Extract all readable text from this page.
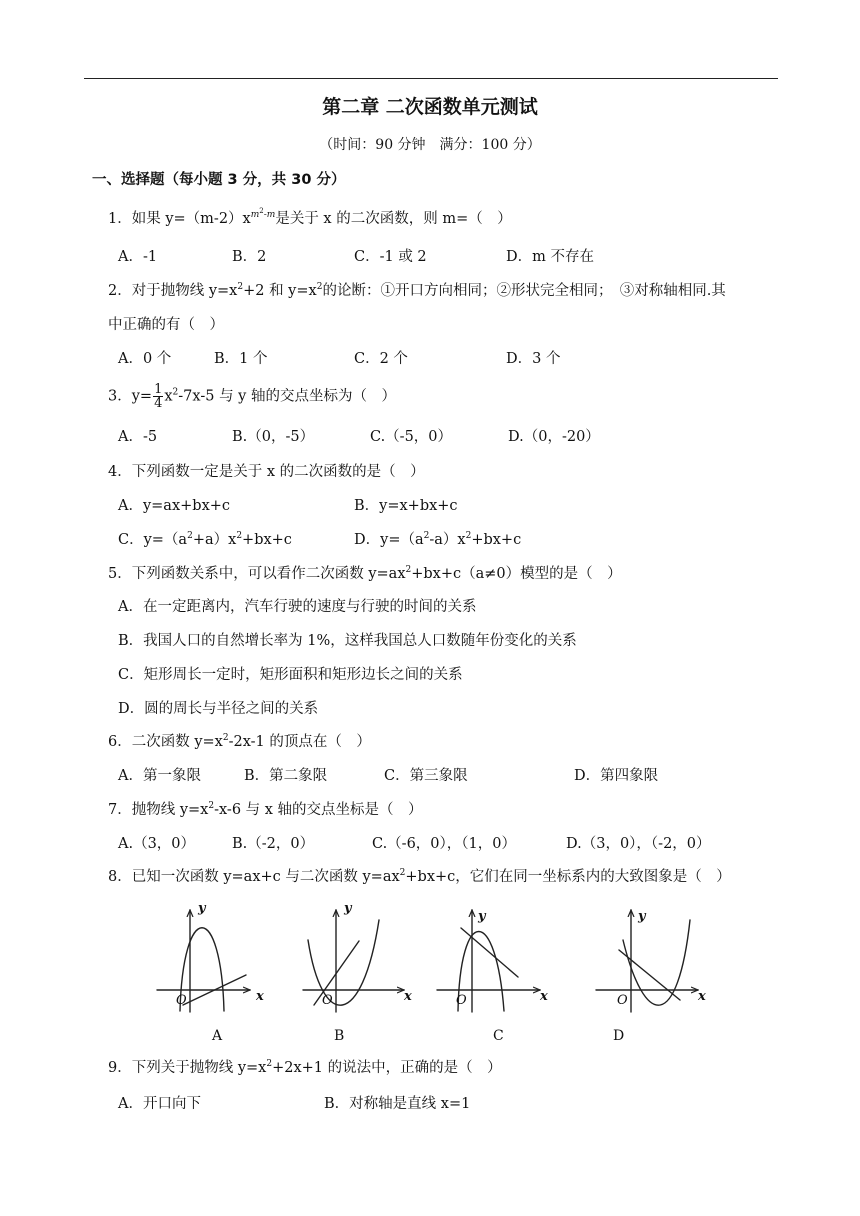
第二章 二次函数单元测试
（时间：90 分钟　满分：100 分）
一、选择题（每小题 3 分，共 30 分）
1．如果 $y=(m-2)x^{m^2-m}$是关于 x 的二次函数，则 m=（　）
A．-1	B．2	C．-1 或 2	D．m 不存在
2．对于抛物线 $y=x^2+2$ 和 $y=x^2$的论断：①开口方向相同；②形状完全相同；　③对称轴相同.其
中正确的有（　）
A．0 个	B．1 个	C．2 个	D．3 个
3．$y= \frac{1}{4} x^2-7x-5$ 与 y 轴的交点坐标为（　）
A．-5	B.（0，-5）	C.（-5，0）	D.（0，-20）
4．下列函数一定是关于 x 的二次函数的是（　）
A．y=ax+bx+c	B．y=x+bx+c
C．$y=(a^2+a)x^2+bx+c$	D．$y=(a^2-a)x^2+bx+c$
5．下列函数关系中，可以看作二次函数 $y=ax^2+bx+c(a\ne 0)$模型的是（　）
A．在一定距离内，汽车行驶的速度与行驶的时间的关系
B．我国人口的自然增长率为 1%，这样我国总人口数随年份变化的关系
C．矩形周长一定时，矩形面积和矩形边长之间的关系
D．圆的周长与半径之间的关系
6．二次函数 $y=x^2-2x-1$ 的顶点在（　）
A．第一象限	B．第二象限	C．第三象限	D．第四象限
7．抛物线 $y=x^2-x-6$ 与 x 轴的交点坐标是（　）
A.（3，0）	B.（-2，0）	C.（-6，0），（1，0）	D.（3，0），（-2，0）
8．已知一次函数 y=ax+c 与二次函数 $y=ax^2+bx+c$，它们在同一坐标系内的大致图象是（　）
y
x
O
A
y
x
O
B
y
x
O
C
y
x
O
D
9．下列关于抛物线 $y=x^2+2x+1$ 的说法中，正确的是（　）
A．开口向下	B．对称轴是直线 x=1
